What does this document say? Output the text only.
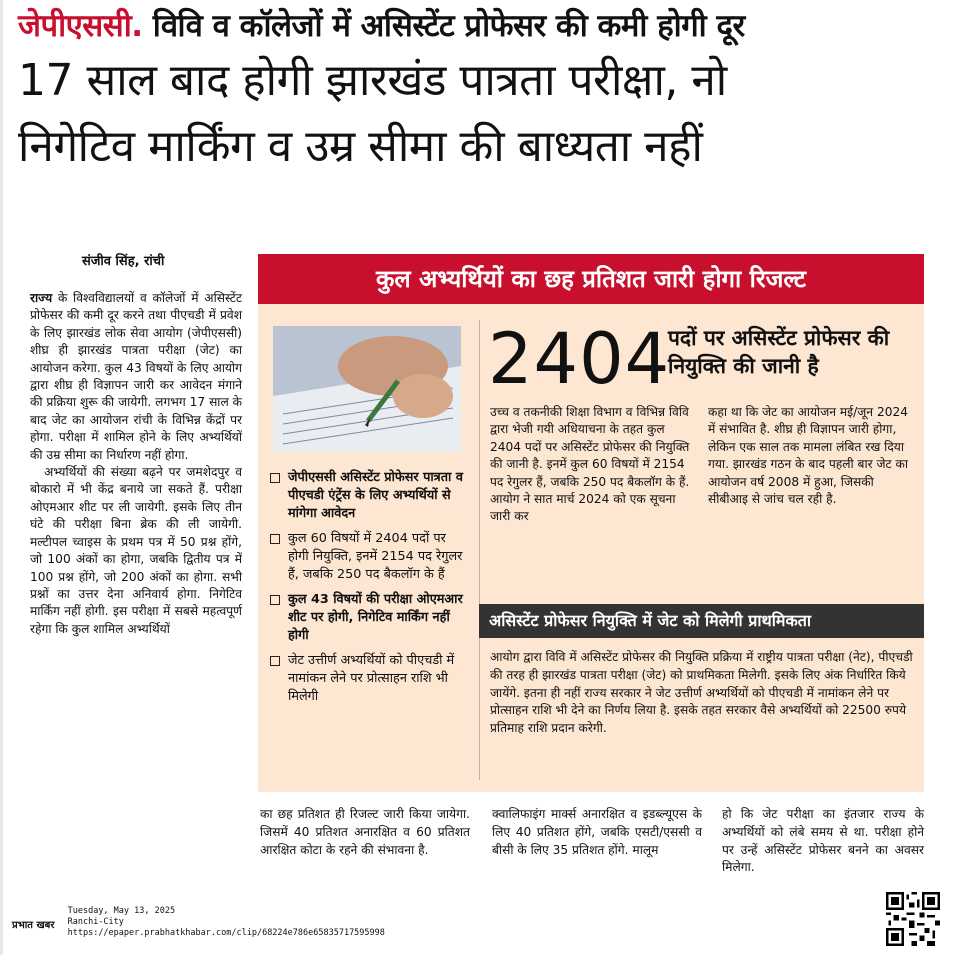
जेपीएससी. विवि व कॉलेजों में असिस्टेंट प्रोफेसर की कमी होगी दूर
17 साल बाद होगी झारखंड पात्रता परीक्षा, नो
निगेटिव मार्किंग व उम्र सीमा की बाध्यता नहीं
संजीव सिंह, रांची

राज्य के विश्वविद्यालयों व कॉलेजों में असिस्टेंट प्रोफेसर की कमी दूर करने तथा पीएचडी में प्रवेश के लिए झारखंड लोक सेवा आयोग (जेपीएससी) शीघ्र ही झारखंड पात्रता परीक्षा (जेट) का आयोजन करेगा. कुल 43 विषयों के लिए आयोग द्वारा शीघ्र ही विज्ञापन जारी कर आवेदन मंगाने की प्रक्रिया शुरू की जायेगी. लगभग 17 साल के बाद जेट का आयोजन रांची के विभिन्न केंद्रों पर होगा. परीक्षा में शामिल होने के लिए अभ्यर्थियों की उम्र सीमा का निर्धारण नहीं होगा.

अभ्यर्थियों की संख्या बढ़ने पर जमशेदपुर व बोकारो में भी केंद्र बनाये जा सकते हैं. परीक्षा ओएमआर शीट पर ली जायेगी. इसके लिए तीन घंटे की परीक्षा बिना ब्रेक की ली जायेगी. मल्टीपल च्वाइस के प्रथम पत्र में 50 प्रश्न होंगे, जो 100 अंकों का होगा, जबकि द्वितीय पत्र में 100 प्रश्न होंगे, जो 200 अंकों का होगा. सभी प्रश्नों का उत्तर देना अनिवार्य होगा. निगेटिव मार्किंग नहीं होगी. इस परीक्षा में सबसे महत्वपूर्ण रहेगा कि कुल शामिल अभ्यर्थियों

कुल अभ्यर्थियों का छह प्रतिशत जारी होगा रिजल्ट
जेपीएससी असिस्टेंट प्रोफेसर पात्रता व पीएचडी एंट्रेंस के लिए अभ्यर्थियों से मांगेगा आवेदन
कुल 60 विषयों में 2404 पदों पर होगी नियुक्ति, इनमें 2154 पद रेगुलर हैं, जबकि 250 पद बैकलॉग के हैं
कुल 43 विषयों की परीक्षा ओएमआर शीट पर होगी, निगेटिव मार्किंग नहीं होगी
जेट उत्तीर्ण अभ्यर्थियों को पीएचडी में नामांकन लेने पर प्रोत्साहन राशि भी मिलेगी
2404
पदों पर असिस्टेंट प्रोफेसर की नियुक्ति की जानी है
उच्च व तकनीकी शिक्षा विभाग व विभिन्न विवि द्वारा भेजी गयी अधियाचना के तहत कुल 2404 पदों पर असिस्टेंट प्रोफेसर की नियुक्ति की जानी है. इनमें कुल 60 विषयों में 2154 पद रेगुलर हैं, जबकि 250 पद बैकलॉग के हैं. आयोग ने सात मार्च 2024 को एक सूचना जारी कर
कहा था कि जेट का आयोजन मई/जून 2024 में संभावित है. शीघ्र ही विज्ञापन जारी होगा, लेकिन एक साल तक मामला लंबित रख दिया गया. झारखंड गठन के बाद पहली बार जेट का आयोजन वर्ष 2008 में हुआ, जिसकी सीबीआइ से जांच चल रही है.
असिस्टेंट प्रोफेसर नियुक्ति में जेट को मिलेगी प्राथमिकता
आयोग द्वारा विवि में असिस्टेंट प्रोफेसर की नियुक्ति प्रक्रिया में राष्ट्रीय पात्रता परीक्षा (नेट), पीएचडी की तरह ही झारखंड पात्रता परीक्षा (जेट) को प्राथमिकता मिलेगी. इसके लिए अंक निर्धारित किये जायेंगे. इतना ही नहीं राज्य सरकार ने जेट उत्तीर्ण अभ्यर्थियों को पीएचडी में नामांकन लेने पर प्रोत्साहन राशि भी देने का निर्णय लिया है. इसके तहत सरकार वैसे अभ्यर्थियों को 22500 रुपये प्रतिमाह राशि प्रदान करेगी.
का छह प्रतिशत ही रिजल्ट जारी किया जायेगा. जिसमें 40 प्रतिशत अनारक्षित व 60 प्रतिशत आरक्षित कोटा के रहने की संभावना है.
क्वालिफाइंग मार्क्स अनारक्षित व इडब्ल्यूएस के लिए 40 प्रतिशत होंगे, जबकि एसटी/एससी व बीसी के लिए 35 प्रतिशत होंगे. मालूम
हो कि जेट परीक्षा का इंतजार राज्य के अभ्यर्थियों को लंबे समय से था. परीक्षा होने पर उन्हें असिस्टेंट प्रोफेसर बनने का अवसर मिलेगा.
प्रभात खबर
Tuesday, May 13, 2025
Ranchi-City
https://epaper.prabhatkhabar.com/clip/68224e786e65835717595998
